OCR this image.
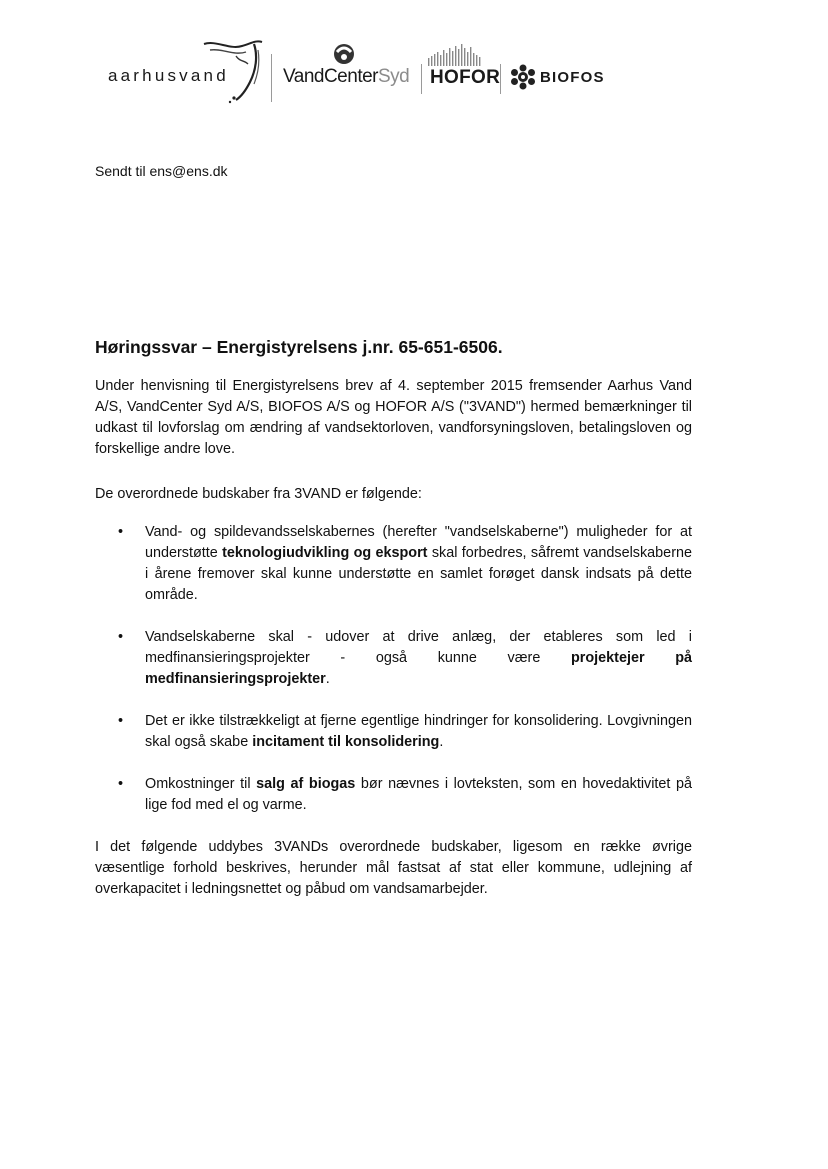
aarhusvand	VandCenterSyd HOFOR	BIOFOS
Sendt til ens@ens.dk
Høringssvar – Energistyrelsens j.nr. 65-651-6506.
Under henvisning til Energistyrelsens brev af 4. september 2015 fremsender Aarhus Vand A/S, VandCenter Syd A/S, BIOFOS A/S og HOFOR A/S ("3VAND") hermed bemærkninger til udkast til lovforslag om ændring af vandsektorloven, vandforsyningsloven, betalingsloven og forskellige andre love.
De overordnede budskaber fra 3VAND er følgende:
• Vand- og spildevandsselskabernes (herefter "vandselskaberne") muligheder for at understøtte teknologiudvikling og eksport skal forbedres, såfremt vandselskaberne i årene fremover skal kunne understøtte en samlet forøget dansk indsats på dette område.
• Vandselskaberne skal - udover at drive anlæg, der etableres som led i medfinansieringsprojekter - også kunne være projektejer på medfinansieringsprojekter.
• Det er ikke tilstrækkeligt at fjerne egentlige hindringer for konsolidering. Lovgivningen skal også skabe incitament til konsolidering.
• Omkostninger til salg af biogas bør nævnes i lovteksten, som en hovedaktivitet på lige fod med el og varme.
I det følgende uddybes 3VANDs overordnede budskaber, ligesom en række øvrige væsentlige forhold beskrives, herunder mål fastsat af stat eller kommune, udlejning af overkapacitet i ledningsnettet og påbud om vandsamarbejder.
